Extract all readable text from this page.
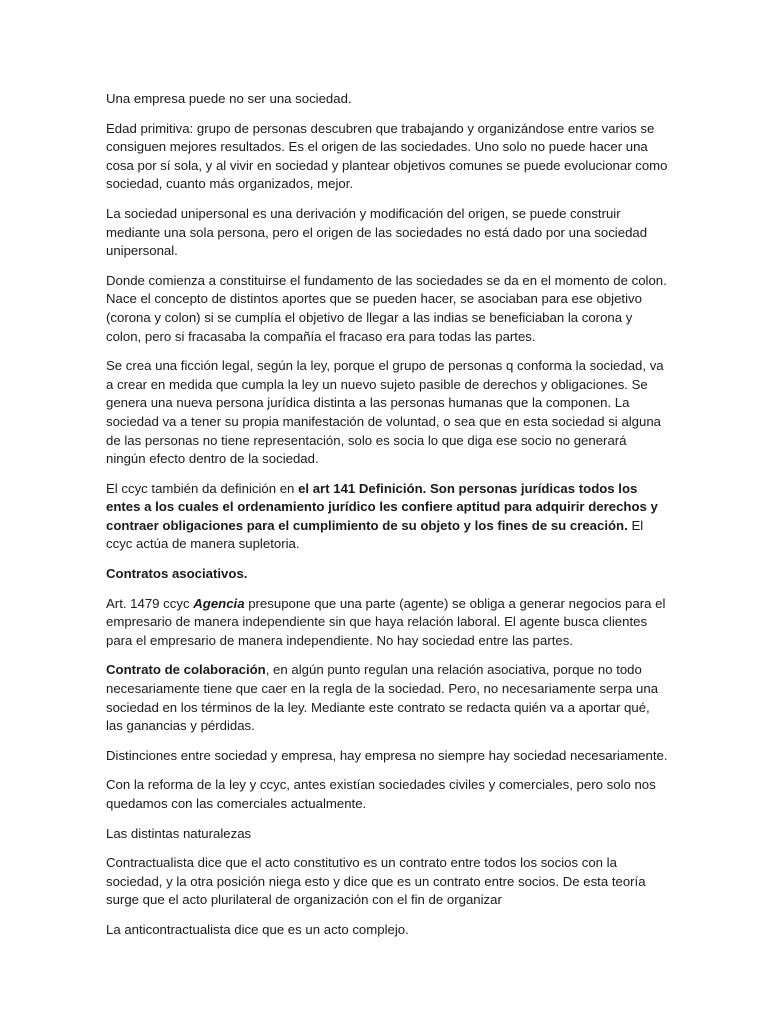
Una empresa puede no ser una sociedad.

Edad primitiva: grupo de personas descubren que trabajando y organizándose entre varios se consiguen mejores resultados. Es el origen de las sociedades. Uno solo no puede hacer una cosa por sí sola, y al vivir en sociedad y plantear objetivos comunes se puede evolucionar como sociedad, cuanto más organizados, mejor.

La sociedad unipersonal es una derivación y modificación del origen, se puede construir mediante una sola persona, pero el origen de las sociedades no está dado por una sociedad unipersonal.

Donde comienza a constituirse el fundamento de las sociedades se da en el momento de colon. Nace el concepto de distintos aportes que se pueden hacer, se asociaban para ese objetivo (corona y colon) si se cumplía el objetivo de llegar a las indias se beneficiaban la corona y colon, pero si fracasaba la compañía el fracaso era para todas las partes.

Se crea una ficción legal, según la ley, porque el grupo de personas q conforma la sociedad, va a crear en medida que cumpla la ley un nuevo sujeto pasible de derechos y obligaciones. Se genera una nueva persona jurídica distinta a las personas humanas que la componen. La sociedad va a tener su propia manifestación de voluntad, o sea que en esta sociedad si alguna de las personas no tiene representación, solo es socia lo que diga ese socio no generará ningún efecto dentro de la sociedad.

El ccyc también da definición en el art 141 Definición. Son personas jurídicas todos los entes a los cuales el ordenamiento jurídico les confiere aptitud para adquirir derechos y contraer obligaciones para el cumplimiento de su objeto y los fines de su creación. El ccyc actúa de manera supletoria.

Contratos asociativos.

Art. 1479 ccyc Agencia presupone que una parte (agente) se obliga a generar negocios para el empresario de manera independiente sin que haya relación laboral. El agente busca clientes para el empresario de manera independiente. No hay sociedad entre las partes.

Contrato de colaboración, en algún punto regulan una relación asociativa, porque no todo necesariamente tiene que caer en la regla de la sociedad. Pero, no necesariamente serpa una sociedad en los términos de la ley. Mediante este contrato se redacta quién va a aportar qué, las ganancias y pérdidas.

Distinciones entre sociedad y empresa, hay empresa no siempre hay sociedad necesariamente.

Con la reforma de la ley y ccyc, antes existían sociedades civiles y comerciales, pero solo nos quedamos con las comerciales actualmente.

Las distintas naturalezas

Contractualista dice que el acto constitutivo es un contrato entre todos los socios con la sociedad, y la otra posición niega esto y dice que es un contrato entre socios. De esta teoría surge que el acto plurilateral de organización con el fin de organizar

La anticontractualista dice que es un acto complejo.
